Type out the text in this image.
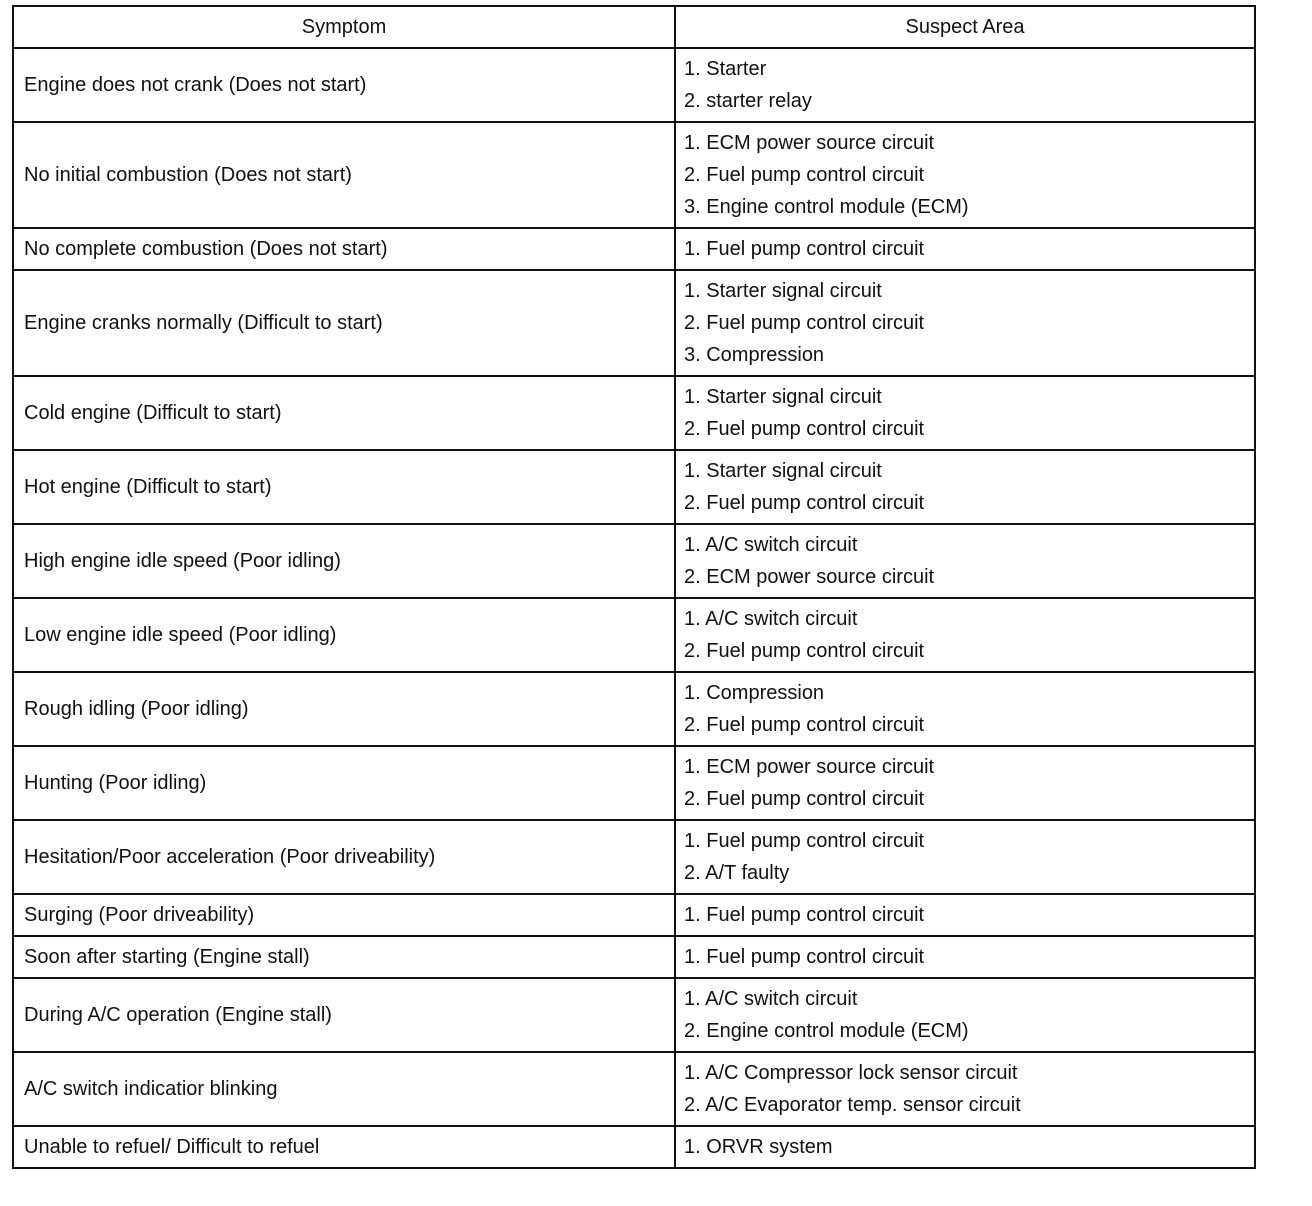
Symptom	Suspect Area
Engine does not crank (Does not start)	1. Starter
2. starter relay

No initial combustion (Does not start)	1. ECM power source circuit
2. Fuel pump control circuit
3. Engine control module (ECM)

No complete combustion (Does not start)	1. Fuel pump control circuit

Engine cranks normally (Difficult to start)	1. Starter signal circuit
2. Fuel pump control circuit
3. Compression

Cold engine (Difficult to start)	1. Starter signal circuit
2. Fuel pump control circuit

Hot engine (Difficult to start)	1. Starter signal circuit
2. Fuel pump control circuit

High engine idle speed (Poor idling)	1. A/C switch circuit
2. ECM power source circuit

Low engine idle speed (Poor idling)	1. A/C switch circuit
2. Fuel pump control circuit

Rough idling (Poor idling)	1. Compression
2. Fuel pump control circuit

Hunting (Poor idling)	1. ECM power source circuit
2. Fuel pump control circuit

Hesitation/Poor acceleration (Poor driveability)	1. Fuel pump control circuit
2. A/T faulty

Surging (Poor driveability)	1. Fuel pump control circuit

Soon after starting (Engine stall)	1. Fuel pump control circuit

During A/C operation (Engine stall)	1. A/C switch circuit
2. Engine control module (ECM)

A/C switch indicatior blinking	1. A/C Compressor lock sensor circuit
2. A/C Evaporator temp. sensor circuit

Unable to refuel/ Difficult to refuel	1. ORVR system
